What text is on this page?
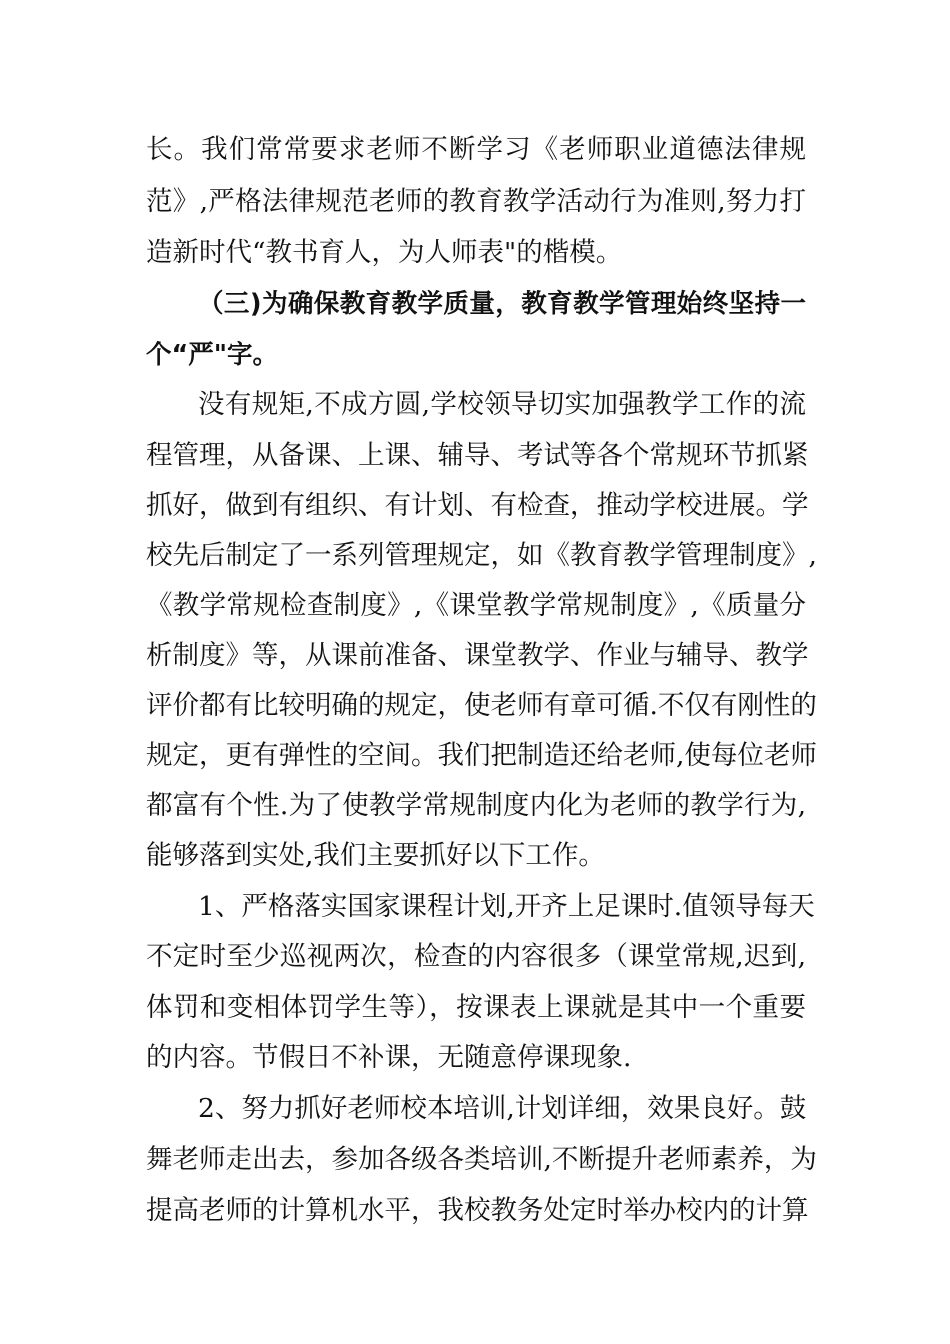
长。我们常常要求老师不断学习《老师职业道德法律规
范》,严格法律规范老师的教育教学活动行为准则,努力打
造新时代“教书育人，为人师表"的楷模。
（三)为确保教育教学质量，教育教学管理始终坚持一
个“严"字。
没有规矩,不成方圆,学校领导切实加强教学工作的流
程管理，从备课、上课、辅导、考试等各个常规环节抓紧
抓好，做到有组织、有计划、有检查，推动学校进展。学
校先后制定了一系列管理规定，如《教育教学管理制度》,
《教学常规检查制度》,《课堂教学常规制度》,《质量分
析制度》等，从课前准备、课堂教学、作业与辅导、教学
评价都有比较明确的规定，使老师有章可循.不仅有刚性的
规定，更有弹性的空间。我们把制造还给老师,使每位老师
都富有个性.为了使教学常规制度内化为老师的教学行为,
能够落到实处,我们主要抓好以下工作。
1、严格落实国家课程计划,开齐上足课时.值领导每天
不定时至少巡视两次，检查的内容很多（课堂常规,迟到,
体罚和变相体罚学生等），按课表上课就是其中一个重要
的内容。节假日不补课，无随意停课现象.
2、努力抓好老师校本培训,计划详细，效果良好。鼓
舞老师走出去，参加各级各类培训,不断提升老师素养，为
提高老师的计算机水平，我校教务处定时举办校内的计算
